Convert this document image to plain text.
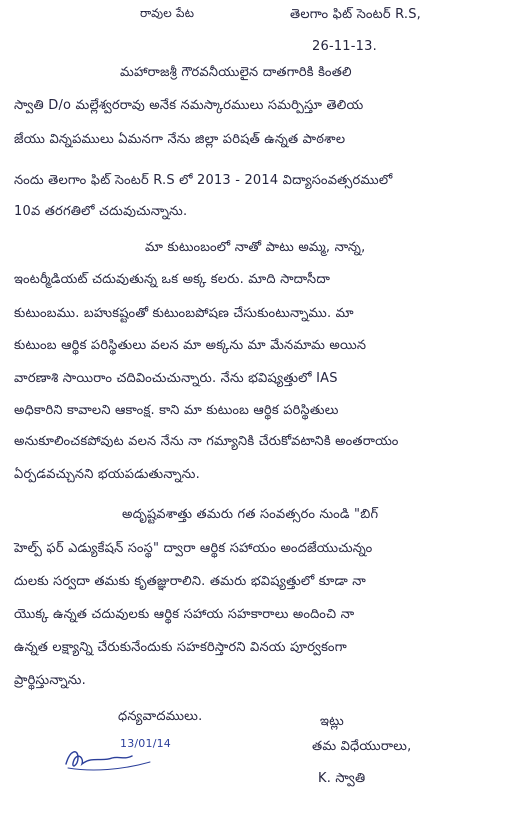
రావుల పేట	తెలగాం ఫిట్ సెంటర్ R.S,
26-11-13.
మహారాజశ్రీ గౌరవనీయులైన దాతగారికి కింతలి
స్వాతి D/o మల్లేశ్వరరావు అనేక నమస్కారములు సమర్పిస్తూ తెలియ
జేయు విన్నపములు ఏమనగా నేను జిల్లా పరిషత్ ఉన్నత పాఠశాల
నందు తెలగాం ఫిట్ సెంటర్ R.S లో 2013 - 2014 విద్యాసంవత్సరములో
10వ తరగతిలో చదువుచున్నాను.
మా కుటుంబంలో నాతో పాటు అమ్మ, నాన్న,
ఇంటర్మీడియట్ చదువుతున్న ఒక అక్క కలరు. మాది సాదాసీదా
కుటుంబము. బహుకష్టంతో కుటుంబపోషణ చేసుకుంటున్నాము. మా
కుటుంబ ఆర్థిక పరిస్థితులు వలన మా అక్కను మా మేనమామ అయిన
వారణాశి సాయిరాం చదివించుచున్నారు. నేను భవిష్యత్తులో IAS
అధికారిని కావాలని ఆకాంక్ష. కాని మా కుటుంబ ఆర్థిక పరిస్థితులు
అనుకూలించకపోవుట వలన నేను నా గమ్యానికి చేరుకోవటానికి అంతరాయం
ఏర్పడవచ్చునని భయపడుతున్నాను.
అదృష్టవశాత్తు తమరు గత సంవత్సరం నుండి "బిగ్
హెల్ప్ ఫర్ ఎడ్యుకేషన్ సంస్థ" ద్వారా ఆర్థిక సహాయం అందజేయుచున్నం
దులకు సర్వదా తమకు కృతజ్ఞురాలిని. తమరు భవిష్యత్తులో కూడా నా
యొక్క ఉన్నత చదువులకు ఆర్థిక సహాయ సహకారాలు అందించి నా
ఉన్నత లక్ష్యాన్ని చేరుకునేందుకు సహకరిస్తారని వినయ పూర్వకంగా
ప్రార్థిస్తున్నాను.
ధన్యవాదములు.
13/01/14
ఇట్లు
తమ విధేయురాలు,
K. స్వాతి
